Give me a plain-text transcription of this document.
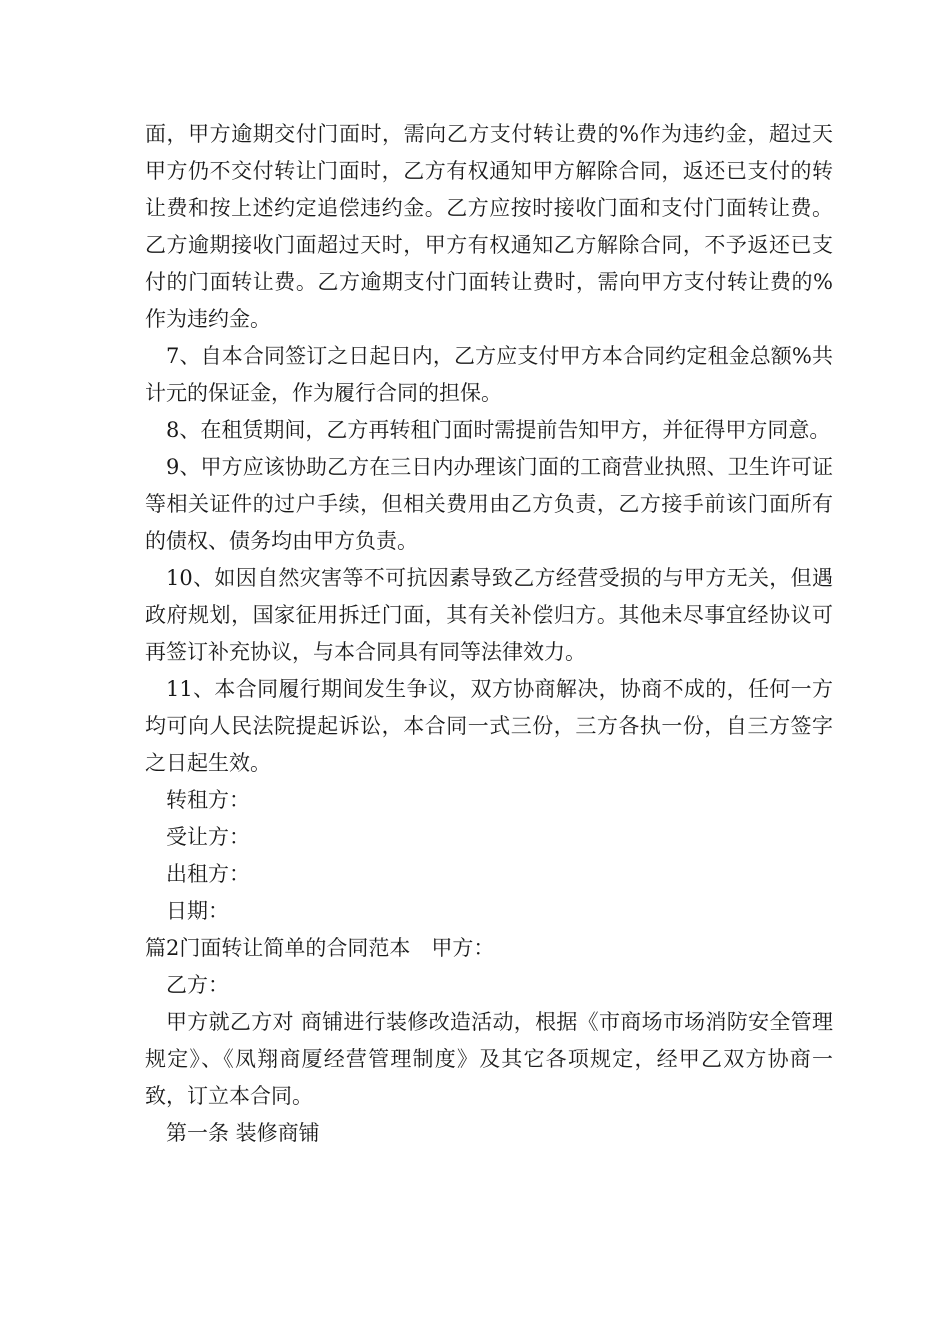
面，甲方逾期交付门面时，需向乙方支付转让费的%作为违约金，超过天甲方仍不交付转让门面时，乙方有权通知甲方解除合同，返还已支付的转让费和按上述约定追偿违约金。乙方应按时接收门面和支付门面转让费。乙方逾期接收门面超过天时，甲方有权通知乙方解除合同，不予返还已支付的门面转让费。乙方逾期支付门面转让费时，需向甲方支付转让费的%作为违约金。

7、自本合同签订之日起日内，乙方应支付甲方本合同约定租金总额%共计元的保证金，作为履行合同的担保。

8、在租赁期间，乙方再转租门面时需提前告知甲方，并征得甲方同意。

9、甲方应该协助乙方在三日内办理该门面的工商营业执照、卫生许可证等相关证件的过户手续，但相关费用由乙方负责，乙方接手前该门面所有的债权、债务均由甲方负责。

10、如因自然灾害等不可抗因素导致乙方经营受损的与甲方无关，但遇政府规划，国家征用拆迁门面，其有关补偿归方。其他未尽事宜经协议可再签订补充协议，与本合同具有同等法律效力。

11、本合同履行期间发生争议，双方协商解决，协商不成的，任何一方均可向人民法院提起诉讼，本合同一式三份，三方各执一份，自三方签字之日起生效。

转租方：

受让方：

出租方：

日期：

篇2门面转让简单的合同范本　甲方：

乙方：

甲方就乙方对 商铺进行装修改造活动，根据《市商场市场消防安全管理规定》、《凤翔商厦经营管理制度》及其它各项规定，经甲乙双方协商一致，订立本合同。

第一条 装修商铺
